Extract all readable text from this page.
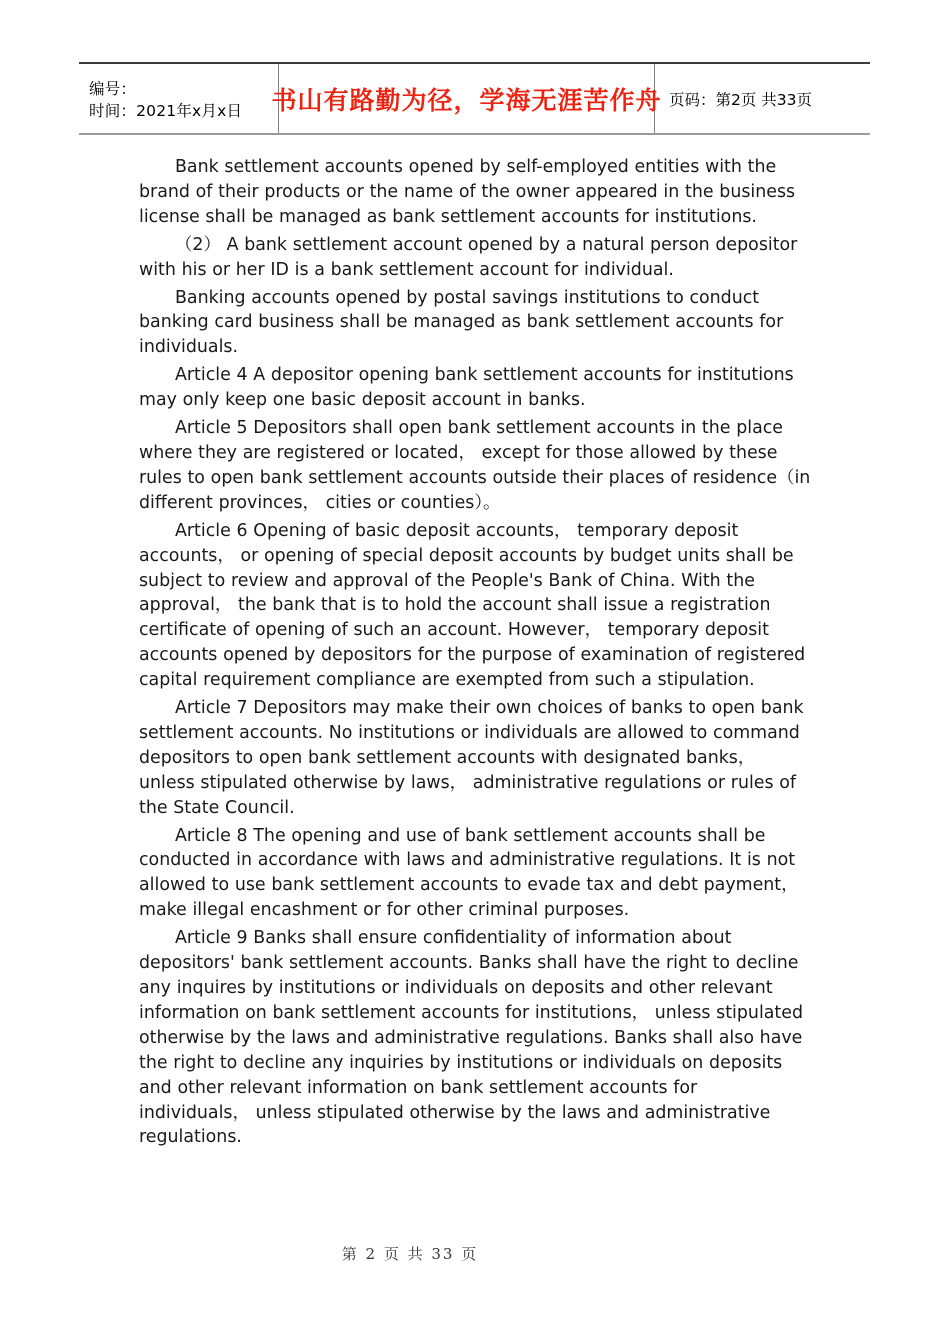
编号：
时间：2021年x月x日	书山有路勤为径，学海无涯苦作舟 页码：第2页 共33页

Bank settlement accounts opened by self-employed entities with the brand of their products or the name of the owner appeared in the business license shall be managed as bank settlement accounts for institutions.

（2） A bank settlement account opened by a natural person depositor with his or her ID is a bank settlement account for individual.

Banking accounts opened by postal savings institutions to conduct banking card business shall be managed as bank settlement accounts for individuals.

Article 4 A depositor opening bank settlement accounts for institutions may only keep one basic deposit account in banks.

Article 5 Depositors shall open bank settlement accounts in the place where they are registered or located， except for those allowed by these rules to open bank settlement accounts outside their places of residence（in different provinces， cities or counties）。

Article 6 Opening of basic deposit accounts， temporary deposit accounts， or opening of special deposit accounts by budget units shall be subject to review and approval of the People's Bank of China. With the approval， the bank that is to hold the account shall issue a registration certificate of opening of such an account. However， temporary deposit accounts opened by depositors for the purpose of examination of registered capital requirement compliance are exempted from such a stipulation.

Article 7 Depositors may make their own choices of banks to open bank settlement accounts. No institutions or individuals are allowed to command depositors to open bank settlement accounts with designated banks， unless stipulated otherwise by laws， administrative regulations or rules of the State Council.

Article 8 The opening and use of bank settlement accounts shall be conducted in accordance with laws and administrative regulations. It is not allowed to use bank settlement accounts to evade tax and debt payment， make illegal encashment or for other criminal purposes.

Article 9 Banks shall ensure confidentiality of information about depositors' bank settlement accounts. Banks shall have the right to decline any inquires by institutions or individuals on deposits and other relevant information on bank settlement accounts for institutions， unless stipulated otherwise by the laws and administrative regulations. Banks shall also have the right to decline any inquiries by institutions or individuals on deposits and other relevant information on bank settlement accounts for individuals， unless stipulated otherwise by the laws and administrative regulations.

第 2 页 共 33 页
